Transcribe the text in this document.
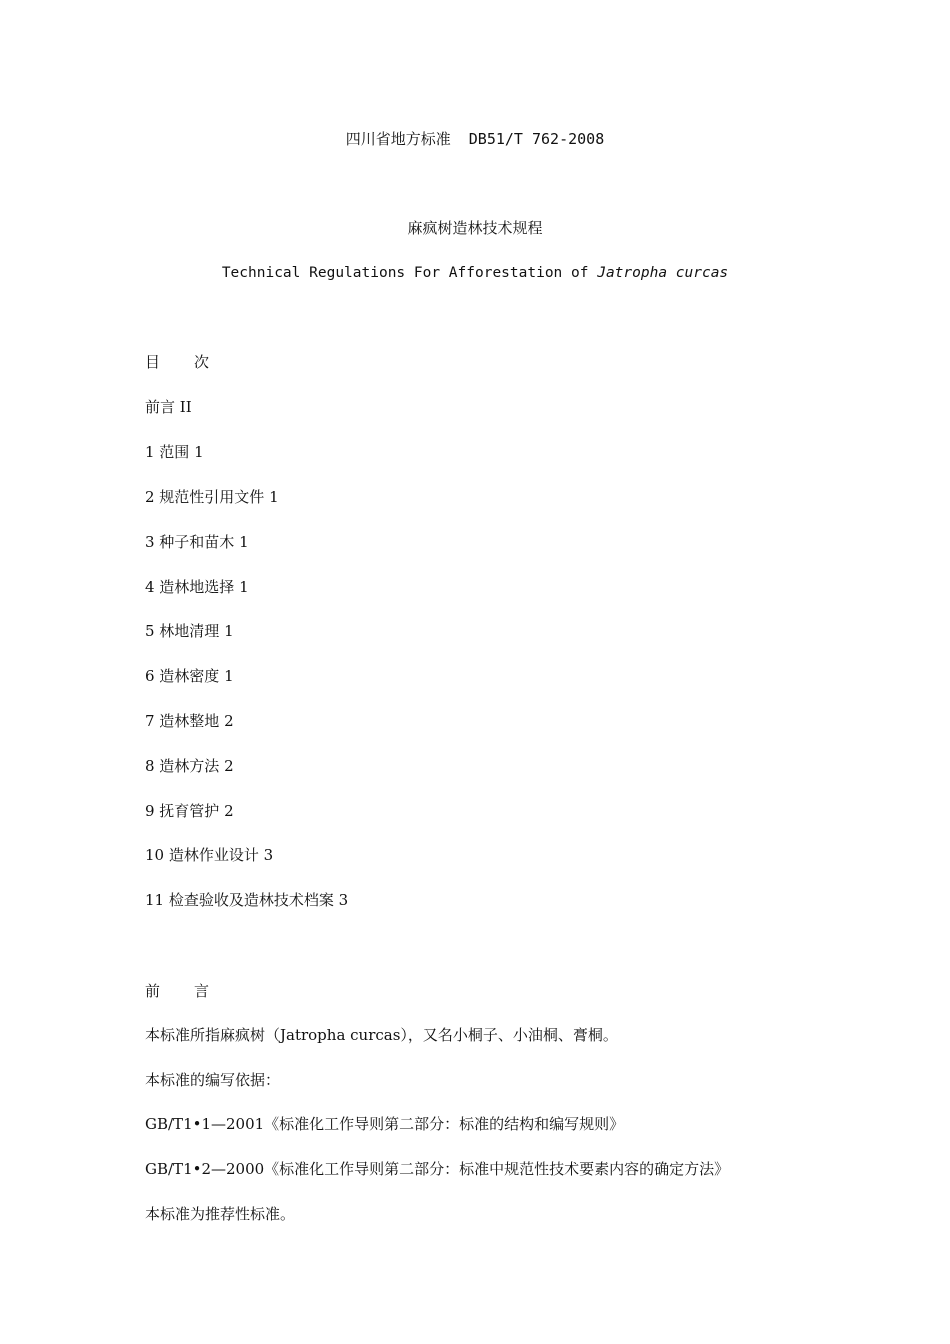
四川省地方标准 DB51/T 762-2008
麻疯树造林技术规程
Technical Regulations For Afforestation of Jatropha curcas
目 次
前言 II
1 范围 1
2 规范性引用文件 1
3 种子和苗木 1
4 造林地选择 1
5 林地清理 1
6 造林密度 1
7 造林整地 2
8 造林方法 2
9 抚育管护 2
10 造林作业设计 3
11 检查验收及造林技术档案 3
前 言
本标准所指麻疯树（Jatropha curcas），又名小桐子、小油桐、膏桐。
本标准的编写依据：
GB/T1•1—2001《标准化工作导则第二部分：标准的结构和编写规则》
GB/T1•2—2000《标准化工作导则第二部分：标准中规范性技术要素内容的确定方法》
本标准为推荐性标准。
